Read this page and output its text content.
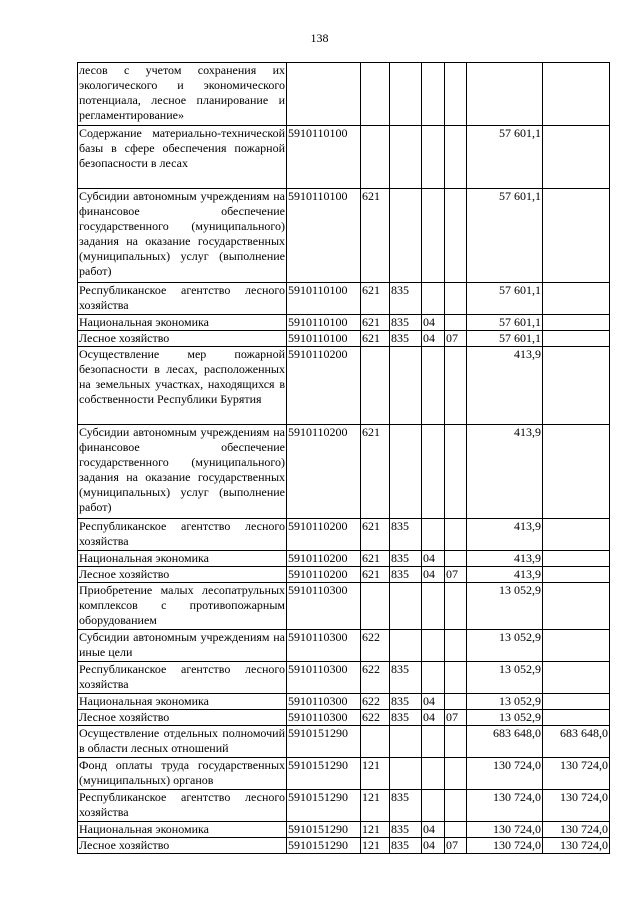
138
лесов с учетом сохранения их экологического и экономического потенциала, лесное планирование и регламентирование»							
Содержание материально-технической базы в сфере обеспечения пожарной безопасности в лесах	5910110100					57 601,1	
Субсидии автономным учреждениям на финансовое обеспечение государственного (муниципального) задания на оказание государственных (муниципальных) услуг (выполнение работ)	5910110100	621				57 601,1	
Республиканское агентство лесного хозяйства	5910110100	621	835			57 601,1	
Национальная экономика	5910110100	621	835	04		57 601,1	
Лесное хозяйство	5910110100	621	835	04	07	57 601,1	
Осуществление мер пожарной безопасности в лесах, расположенных на земельных участках, находящихся в собственности Республики Бурятия	5910110200					413,9	
Субсидии автономным учреждениям на финансовое обеспечение государственного (муниципального) задания на оказание государственных (муниципальных) услуг (выполнение работ)	5910110200	621				413,9	
Республиканское агентство лесного хозяйства	5910110200	621	835			413,9	
Национальная экономика	5910110200	621	835	04		413,9	
Лесное хозяйство	5910110200	621	835	04	07	413,9	
Приобретение малых лесопатрульных комплексов с противопожарным оборудованием	5910110300					13 052,9	
Субсидии автономным учреждениям на иные цели	5910110300	622				13 052,9	
Республиканское агентство лесного хозяйства	5910110300	622	835			13 052,9	
Национальная экономика	5910110300	622	835	04		13 052,9	
Лесное хозяйство	5910110300	622	835	04	07	13 052,9	
Осуществление отдельных полномочий в области лесных отношений	5910151290					683 648,0	683 648,0
Фонд оплаты труда государственных (муниципальных) органов	5910151290	121				130 724,0	130 724,0
Республиканское агентство лесного хозяйства	5910151290	121	835			130 724,0	130 724,0
Национальная экономика	5910151290	121	835	04		130 724,0	130 724,0
Лесное хозяйство	5910151290	121	835	04	07	130 724,0	130 724,0
